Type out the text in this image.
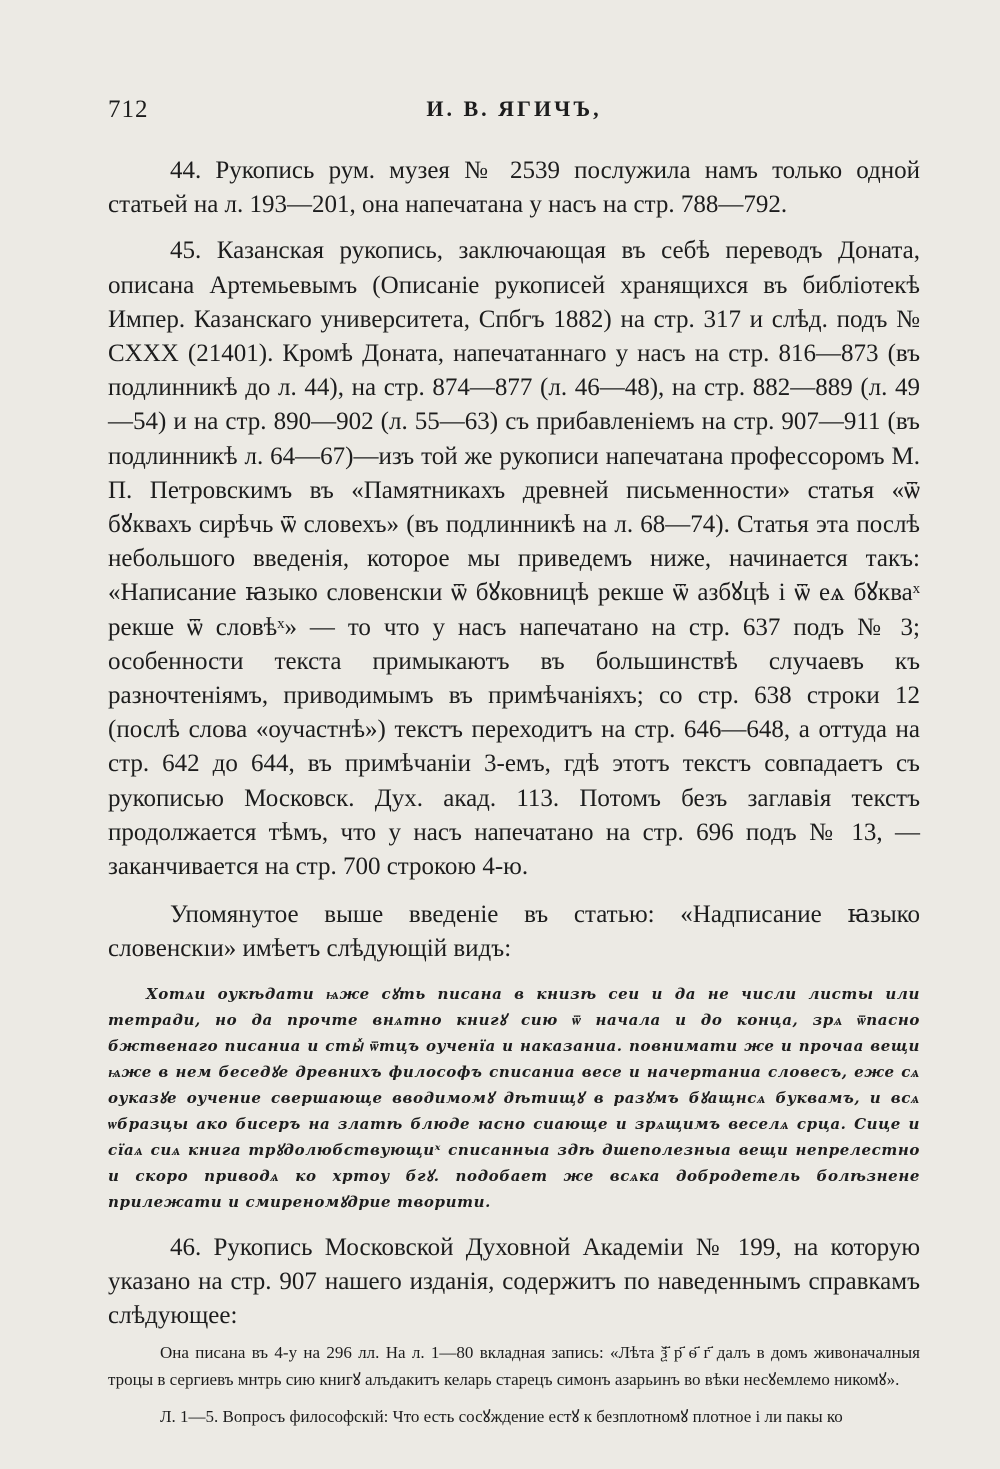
712	И. В. ЯГИЧЪ,

44. Рукопись рум. музея № 2539 послужила намъ только одной статьей на л. 193—201, она напечатана у насъ на стр. 788—792.

45. Казанская рукопись, заключающая въ себѣ переводъ Доната, описана Артемьевымъ (Описаніе рукописей хранящихся въ библіотекѣ Импер. Казанскаго университета, Спбгъ 1882) на стр. 317 и слѣд. подъ № CXXX (21401). Кромѣ Доната, напечатаннаго у насъ на стр. 816—873 (въ подлинникѣ до л. 44), на стр. 874—877 (л. 46—48), на стр. 882—889 (л. 49—54) и на стр. 890—902 (л. 55—63) съ прибавленіемъ на стр. 907—911 (въ подлинникѣ л. 64—67)—изъ той же рукописи напечатана профессоромъ М. П. Петровскимъ въ «Памятникахъ древней письменности» статья «ѿ бꙋквахъ сирѣчь ѿ словехъ» (въ подлинникѣ на л. 68—74). Статья эта послѣ небольшого введенія, которое мы приведемъ ниже, начинается такъ: «Написание ꙗзыко словенскıи ѿ бꙋковницѣ рекше ѿ азбꙋцѣ і ѿ еѧ бꙋкваˣ рекше ѿ словѣˣ» — то что у насъ напечатано на стр. 637 подъ № 3; особенности текста примыкаютъ въ большинствѣ случаевъ къ разночтеніямъ, приводимымъ въ примѣчаніяхъ; со стр. 638 строки 12 (послѣ слова «оучастнѣ») текстъ переходитъ на стр. 646—648, а оттуда на стр. 642 до 644, въ примѣчаніи 3-емъ, гдѣ этотъ текстъ совпадаетъ съ рукописью Московск. Дух. акад. 113. Потомъ безъ заглавія текстъ продолжается тѣмъ, что у насъ напечатано на стр. 696 подъ № 13, — заканчивается на стр. 700 строкою 4-ю.

Упомянутое выше введеніе въ статью: «Надписание ꙗзыко словенскıи» имѣетъ слѣдующій видъ:

Хотѧи оукѣдати ѩже сꙋть писана в книзѣ сеи и да не числи листы или тетради, но да прочте внѧтно книгꙋ сию ѿ начала и до конца, зрѧ ѿпасно бжтвенаго писаниа и стыⷯ ѿтцъ оученїа и наказаниа. повнимати же и прочаа вещи ѩже в нем беседꙋе древнихъ философъ списаниа весе и начертаниа словесъ, еже сѧ оуказꙋе оучение свершающе вводимомꙋ дѣтищꙋ в разꙋмъ бꙋащнсѧ буквамъ, и всѧ ѡбразцы ако бисеръ на златѣ блюде ꙗсно сиающе и зрѧщимъ веселѧ срца. Сице и сїаѧ сиѧ книга трꙋдолюбствующиˣ списанныа здѣ дшеполезныа вещи непрелестно и скоро приводѧ ко хртоу бгꙋ. подобает же всѧка добродетель болѣзнене прилежати и смиреномꙋдрие творити.

46. Рукопись Московской Духовной Академіи № 199, на которую указано на стр. 907 нашего изданія, содержитъ по наведеннымъ справкамъ слѣдующее:

Она писана въ 4-у на 296 лл. На л. 1—80 вкладная запись: «Лѣта ѯ҃ р҃ ѳ҃ г҃ далъ в домъ живоначалныя троцы в сергиевъ мнтрь сию книгꙋ алъдакитъ келарь старецъ симонъ азарьинъ во вѣки несꙋемлемо никомꙋ».

Л. 1—5. Вопросъ философскıй: Что есть сосꙋждение естꙋ к безплотномꙋ плотное і ли пакы ко
